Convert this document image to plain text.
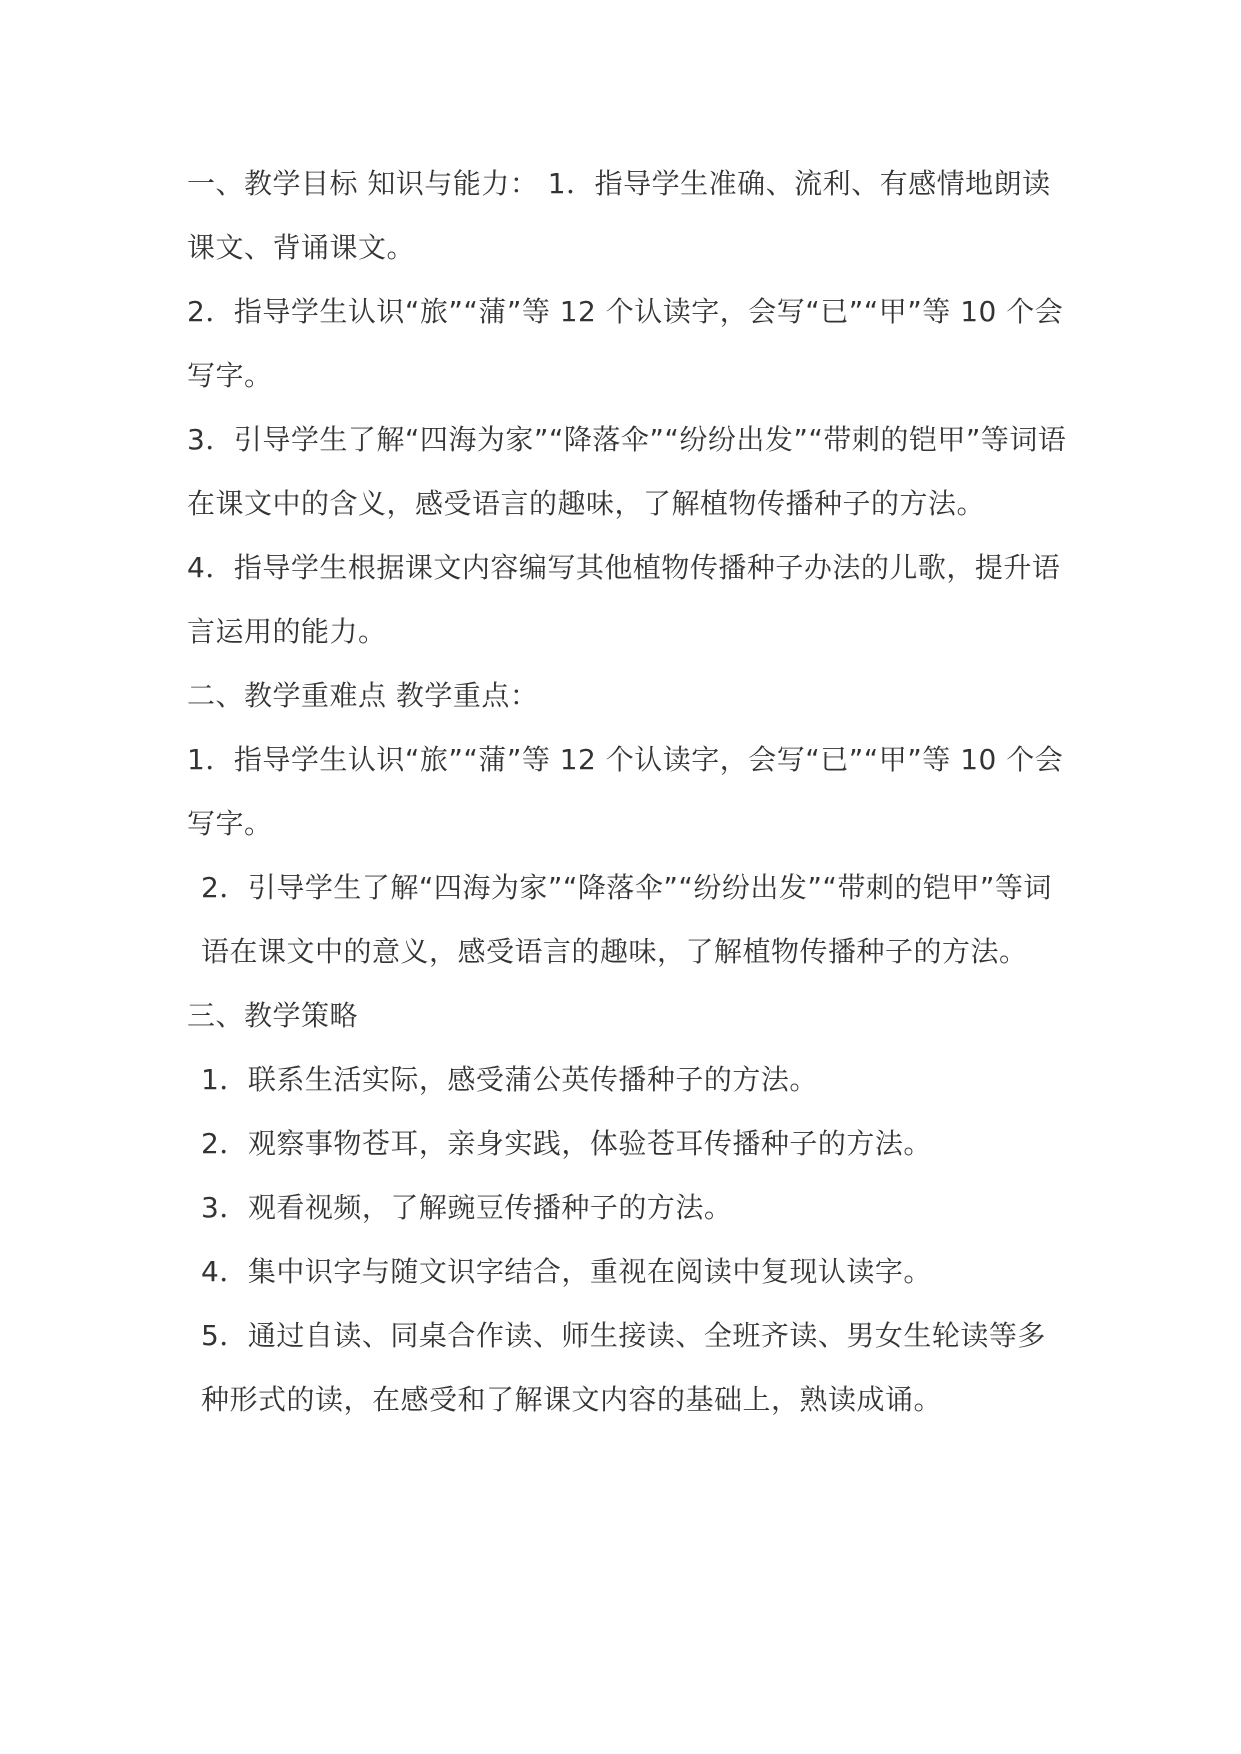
一、教学目标 知识与能力： 1．指导学生准确、流利、有感情地朗读课文、背诵课文。

2．指导学生认识“旅”“蒲”等 12 个认读字，会写“已”“甲”等 10 个会写字。

3．引导学生了解“四海为家”“降落伞”“纷纷出发”“带刺的铠甲”等词语在课文中的含义，感受语言的趣味，了解植物传播种子的方法。

4．指导学生根据课文内容编写其他植物传播种子办法的儿歌，提升语言运用的能力。

二、教学重难点 教学重点：

1．指导学生认识“旅”“蒲”等 12 个认读字，会写“已”“甲”等 10 个会写字。

2．引导学生了解“四海为家”“降落伞”“纷纷出发”“带刺的铠甲”等词语在课文中的意义，感受语言的趣味，了解植物传播种子的方法。

三、教学策略

1．联系生活实际，感受蒲公英传播种子的方法。

2．观察事物苍耳，亲身实践，体验苍耳传播种子的方法。

3．观看视频，了解豌豆传播种子的方法。

4．集中识字与随文识字结合，重视在阅读中复现认读字。

5．通过自读、同桌合作读、师生接读、全班齐读、男女生轮读等多种形式的读，在感受和了解课文内容的基础上，熟读成诵。
